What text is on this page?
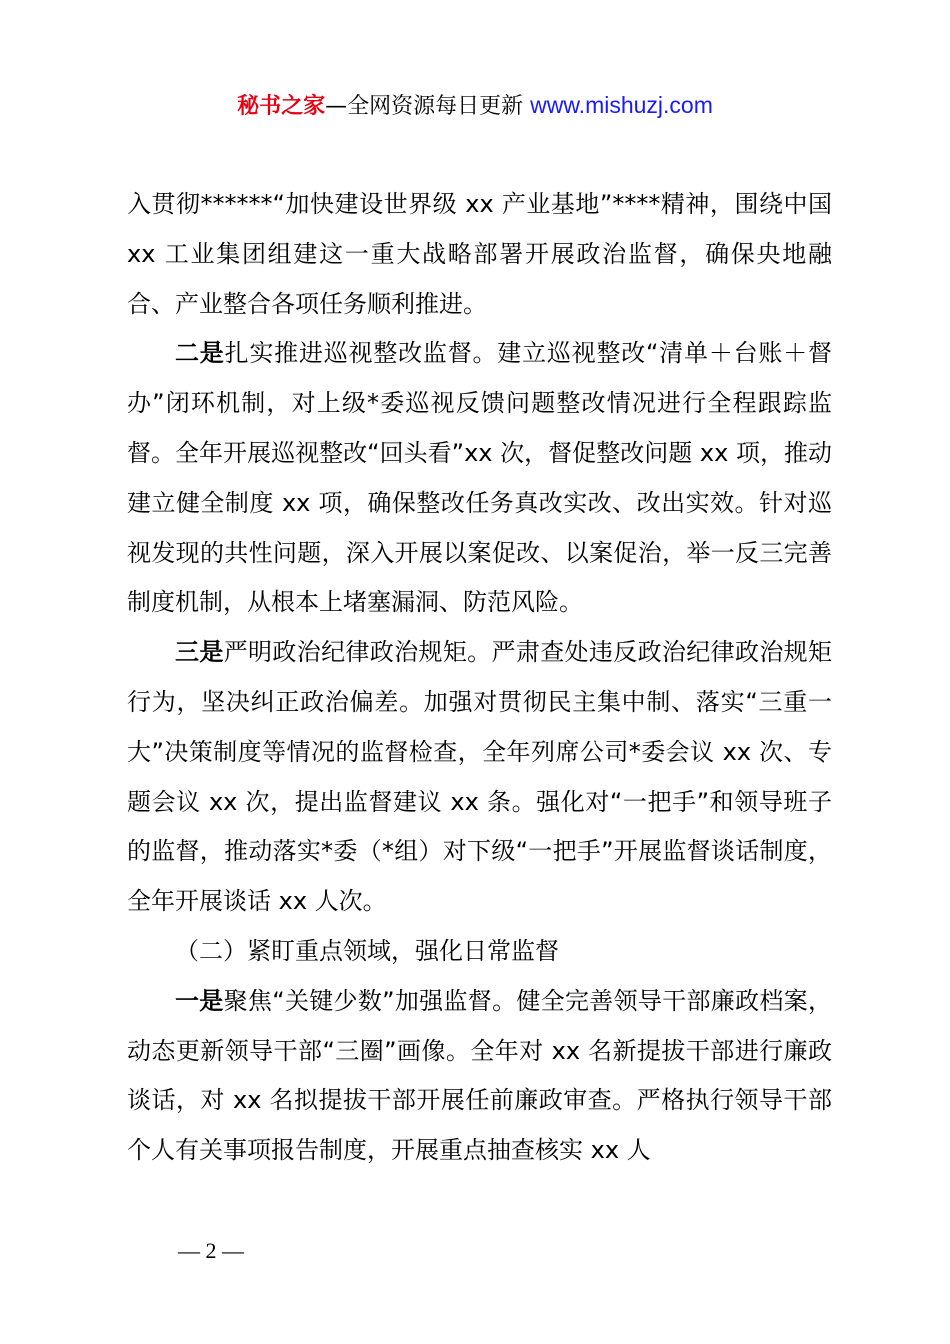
秘书之家—全网资源每日更新 www.mishuzj.com

入贯彻******“加快建设世界级 xx 产业基地”****精神，围绕中国 xx 工业集团组建这一重大战略部署开展政治监督，确保央地融合、产业整合各项任务顺利推进。

二是扎实推进巡视整改监督。建立巡视整改“清单＋台账＋督办”闭环机制，对上级*委巡视反馈问题整改情况进行全程跟踪监督。全年开展巡视整改“回头看”xx 次，督促整改问题 xx 项，推动建立健全制度 xx 项，确保整改任务真改实改、改出实效。针对巡视发现的共性问题，深入开展以案促改、以案促治，举一反三完善制度机制，从根本上堵塞漏洞、防范风险。

三是严明政治纪律政治规矩。严肃查处违反政治纪律政治规矩行为，坚决纠正政治偏差。加强对贯彻民主集中制、落实“三重一大”决策制度等情况的监督检查，全年列席公司*委会议 xx 次、专题会议 xx 次，提出监督建议 xx 条。强化对“一把手”和领导班子的监督，推动落实*委（*组）对下级“一把手”开展监督谈话制度，全年开展谈话 xx 人次。

（二）紧盯重点领域，强化日常监督

一是聚焦“关键少数”加强监督。健全完善领导干部廉政档案，动态更新领导干部“三圈”画像。全年对 xx 名新提拔干部进行廉政谈话，对 xx 名拟提拔干部开展任前廉政审查。严格执行领导干部个人有关事项报告制度，开展重点抽查核实 xx 人

— 2 —
